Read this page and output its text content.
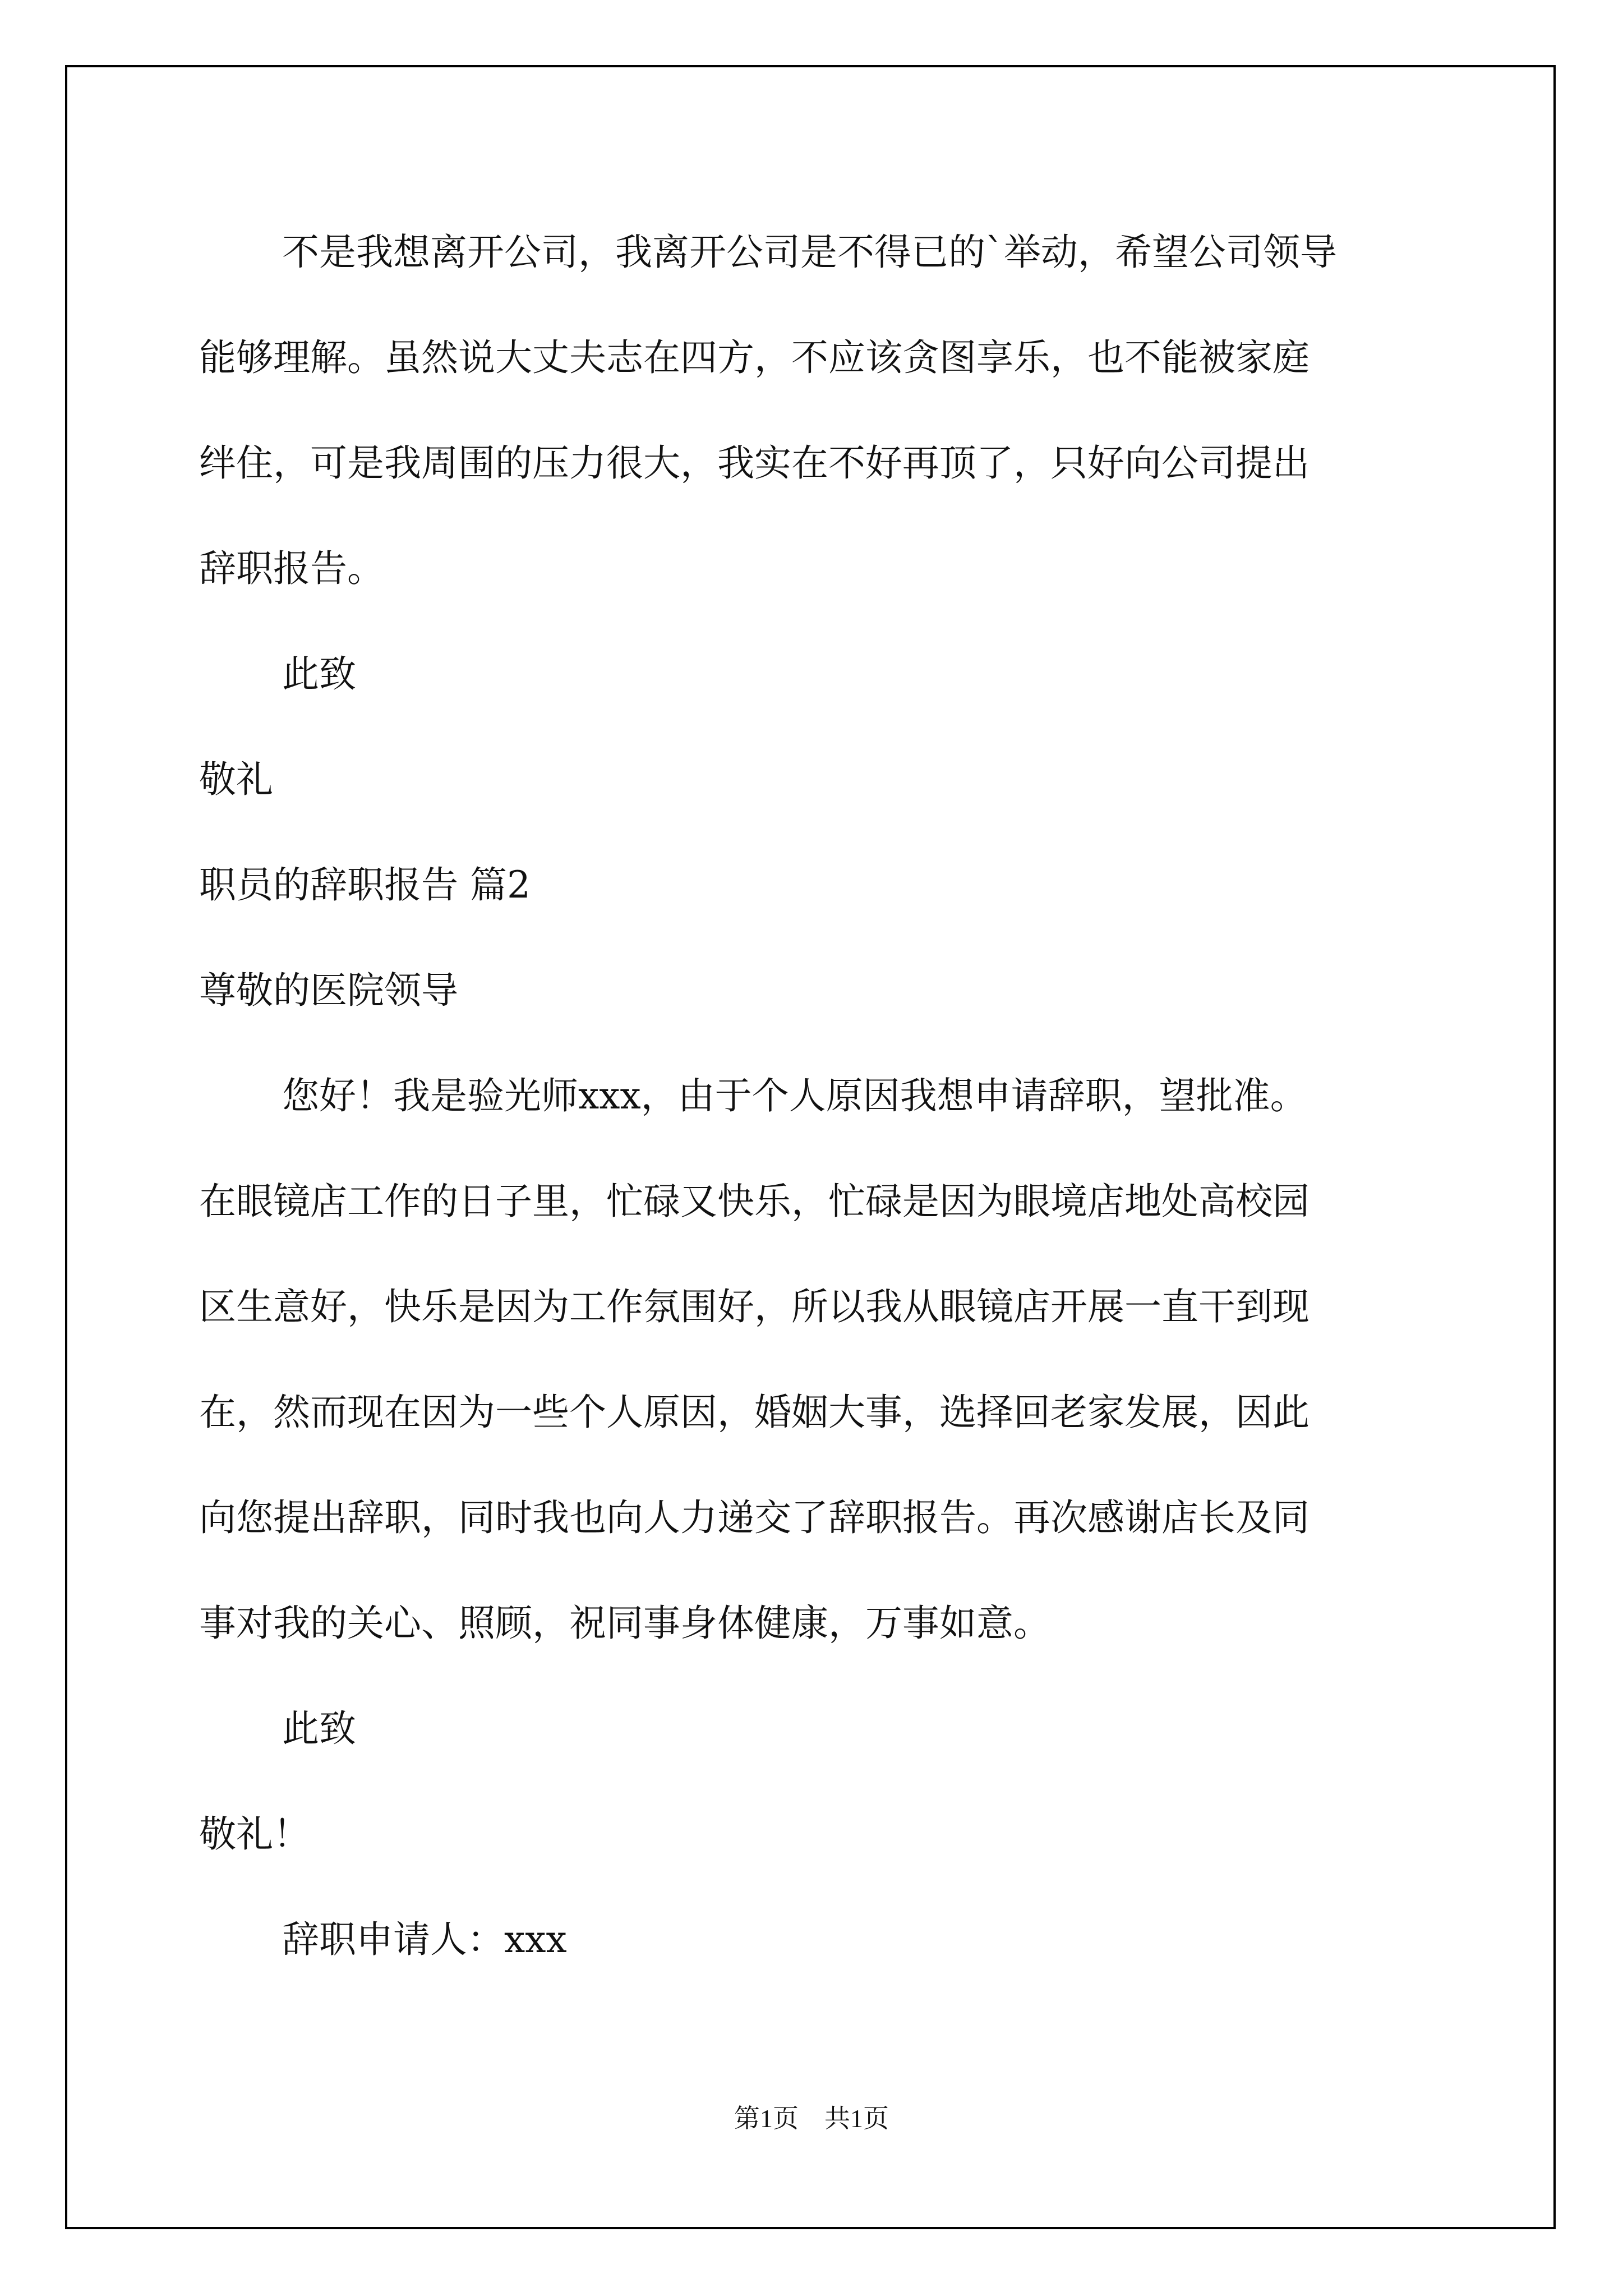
不是我想离开公司，我离开公司是不得已的`举动，希望公司领导
能够理解。虽然说大丈夫志在四方，不应该贪图享乐，也不能被家庭
绊住，可是我周围的压力很大，我实在不好再顶了，只好向公司提出
辞职报告。
此致
敬礼
职员的辞职报告 篇2
尊敬的医院领导
您好！我是验光师xxx，由于个人原因我想申请辞职，望批准。
在眼镜店工作的日子里，忙碌又快乐，忙碌是因为眼境店地处高校园
区生意好，快乐是因为工作氛围好，所以我从眼镜店开展一直干到现
在，然而现在因为一些个人原因，婚姻大事，选择回老家发展，因此
向您提出辞职，同时我也向人力递交了辞职报告。再次感谢店长及同
事对我的关心、照顾，祝同事身体健康，万事如意。
此致
敬礼！
辞职申请人：xxx
第1页　共1页
